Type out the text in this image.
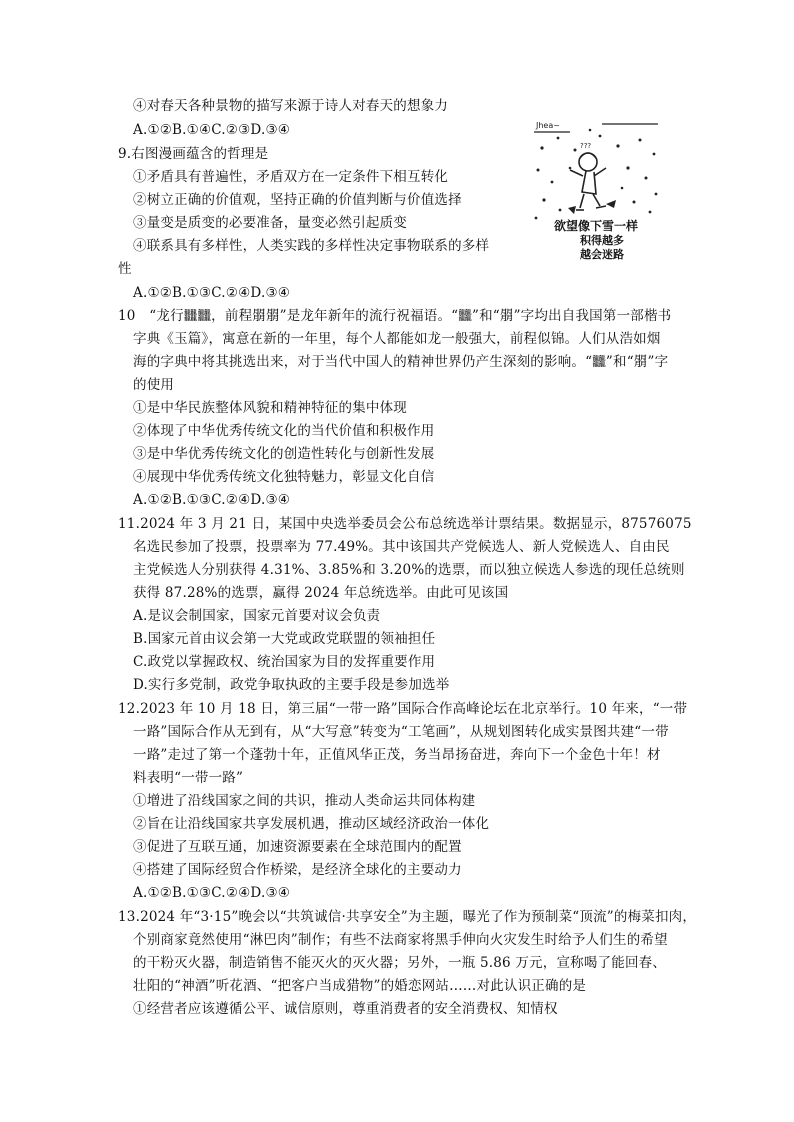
④对春天各种景物的描写来源于诗人对春天的想象力
A.①②B.①④C.②③D.③④
9.右图漫画蕴含的哲理是
①矛盾具有普遍性，矛盾双方在一定条件下相互转化
②树立正确的价值观，坚持正确的价值判断与价值选择
③量变是质变的必要准备，量变必然引起质变
④联系具有多样性，人类实践的多样性决定事物联系的多样
性
A.①②B.①③C.②④D.③④
Jhea~
???
欲望像下雪一样
积得越多
越会迷路
10　“龙行𪚥𪚥，前程朤朤”是龙年新年的流行祝福语。“𪚥”和“朤”字均出自我国第一部楷书
字典《玉篇》，寓意在新的一年里，每个人都能如龙一般强大，前程似锦。人们从浩如烟
海的字典中将其挑选出来，对于当代中国人的精神世界仍产生深刻的影响。“𪚥”和“朤”字
的使用
①是中华民族整体风貌和精神特征的集中体现
②体现了中华优秀传统文化的当代价值和积极作用
③是中华优秀传统文化的创造性转化与创新性发展
④展现中华优秀传统文化独特魅力，彰显文化自信
A.①②B.①③C.②④D.③④
11.2024 年 3 月 21 日，某国中央选举委员会公布总统选举计票结果。数据显示，87576075
名选民参加了投票，投票率为 77.49%。其中该国共产党候选人、新人党候选人、自由民
主党候选人分别获得 4.31%、3.85%和 3.20%的选票，而以独立候选人参选的现任总统则
获得 87.28%的选票，赢得 2024 年总统选举。由此可见该国
A.是议会制国家，国家元首要对议会负责
B.国家元首由议会第一大党或政党联盟的领袖担任
C.政党以掌握政权、统治国家为目的发挥重要作用
D.实行多党制，政党争取执政的主要手段是参加选举
12.2023 年 10 月 18 日，第三届“一带一路”国际合作高峰论坛在北京举行。10 年来，“一带
一路”国际合作从无到有，从“大写意”转变为“工笔画”，从规划图转化成实景图共建“一带
一路”走过了第一个蓬勃十年，正值风华正茂，务当昂扬奋进，奔向下一个金色十年！材
料表明“一带一路”
①增进了沿线国家之间的共识，推动人类命运共同体构建
②旨在让沿线国家共享发展机遇，推动区域经济政治一体化
③促进了互联互通，加速资源要素在全球范围内的配置
④搭建了国际经贸合作桥梁，是经济全球化的主要动力
A.①②B.①③C.②④D.③④
13.2024 年“3·15”晚会以“共筑诚信·共享安全”为主题，曝光了作为预制菜“顶流”的梅菜扣肉，
个别商家竟然使用“淋巴肉”制作；有些不法商家将黑手伸向火灾发生时给予人们生的希望
的干粉灭火器，制造销售不能灭火的灭火器；另外，一瓶 5.86 万元，宣称喝了能回春、
壮阳的“神酒”听花酒、“把客户当成猎物”的婚恋网站……对此认识正确的是
①经营者应该遵循公平、诚信原则，尊重消费者的安全消费权、知情权
